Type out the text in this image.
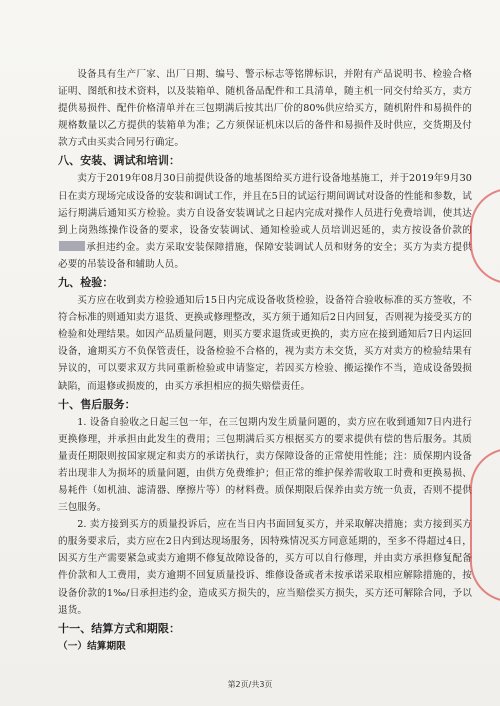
设备具有生产厂家、出厂日期、编号、警示标志等铭牌标识，并附有产品说明书、检验合格证明、图纸和技术资料，以及装箱单、随机备品配件和工具清单，随主机一同交付给买方，卖方提供易损件、配件价格清单并在三包期满后按其出厂价的80%供应给买方，随机附件和易损件的规格数量以乙方提供的装箱单为准；乙方须保证机床以后的备件和易损件及时供应，交货期及付款方式由买卖合同另行确定。

八、安装、调试和培训：

卖方于2019年08月30日前提供设备的地基图给买方进行设备地基施工，并于2019年9月30日在卖方现场完成设备的安装和调试工作，并且在5日的试运行期间调试对设备的性能和参数，试运行期满后通知买方检验。卖方自设备安装调试之日起内完成对操作人员进行免费培训，使其达到上岗熟练操作设备的要求，设备安装调试、通知检验或人员培训迟延的，卖方按设备价款的承担违约金。卖方采取安装保障措施，保障安装调试人员和财务的安全；买方为卖方提供必要的吊装设备和辅助人员。

九、检验：

买方应在收到卖方检验通知后15日内完成设备收货检验，设备符合验收标准的买方签收，不符合标准的则通知卖方退货、更换或修理整改，买方须于通知后2日内回复，否则视为接受买方的检验和处理结果。如因产品质量问题，则买方要求退货或更换的，卖方应在接到通知后7日内运回设备，逾期买方不负保管责任，设备检验不合格的，视为卖方未交货，买方对卖方的检验结果有异议的，可以要求双方共同重新检验或申请鉴定，若因买方检验、搬运操作不当，造成设备毁损缺陷，而退修或损废的，由买方承担相应的损失赔偿责任。

十、售后服务：

1. 设备自验收之日起三包一年，在三包期内发生质量问题的，卖方应在收到通知7日内进行更换修理，并承担由此发生的费用；三包期满后买方根据买方的要求提供有偿的售后服务。其质量责任期限则按国家规定和卖方的承诺执行，卖方保障设备的正常使用性能；注：质保期内设备若出现非人为损坏的质量问题，由供方免费维护；但正常的维护保养需收取工时费和更换易损、易耗件（如机油、滤清器、摩擦片等）的材料费。质保期限后保养由卖方统一负责，否则不提供三包服务。

2. 卖方接到买方的质量投诉后，应在当日内书面回复买方，并采取解决措施；卖方接到买方的服务要求后，卖方应在2日内到达现场服务，因特殊情况买方同意延期的，至多不得超过4日，因买方生产需要紧急或卖方逾期不修复故障设备的，买方可以自行修理，并由卖方承担修复配备件价款和人工费用，卖方逾期不回复质量投诉、维修设备或者未按承诺采取相应解除措施的，按设备价款的1‰/日承担违约金，造成买方损失的，应当赔偿买方损失，买方还可解除合同，予以退货。

十一、结算方式和期限：

（一）结算期限

第2页/共3页
